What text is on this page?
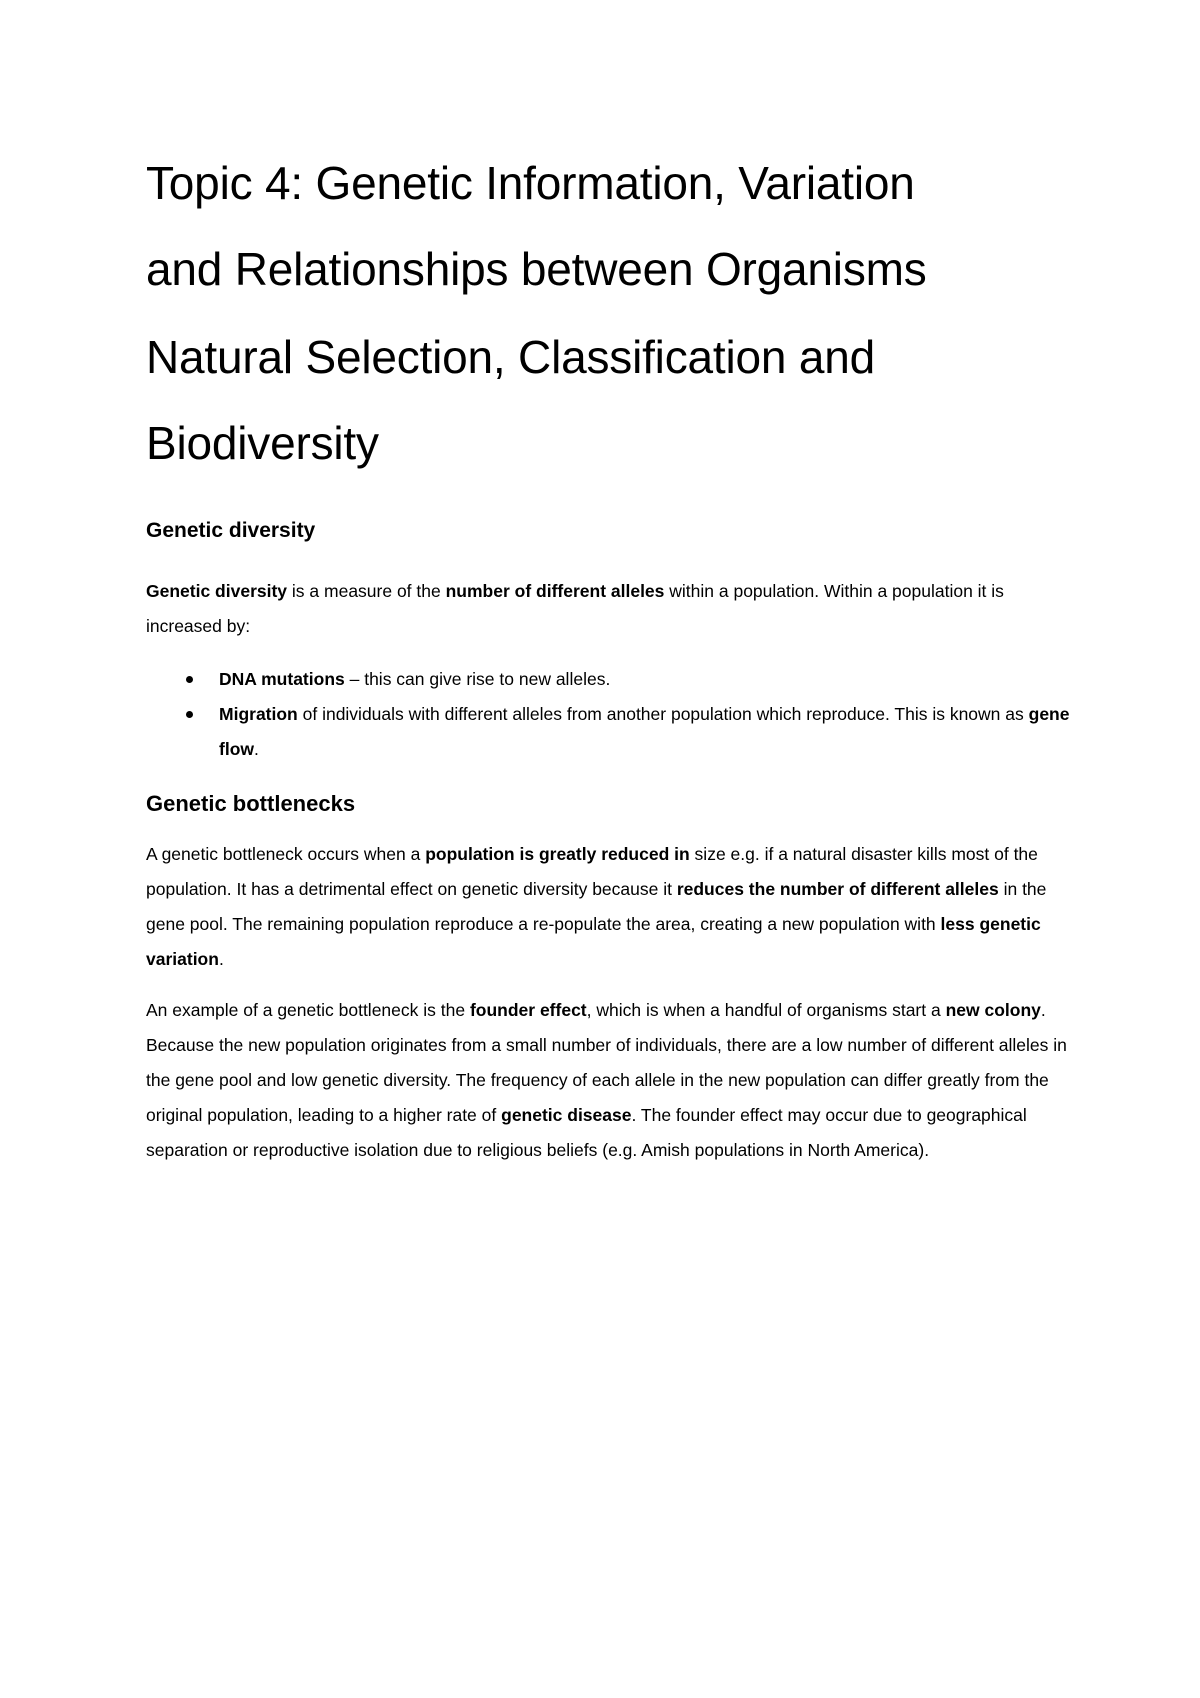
Topic 4: Genetic Information, Variation
and Relationships between Organisms
Natural Selection, Classification and
Biodiversity
Genetic diversity

Genetic diversity is a measure of the number of different alleles within a population. Within a population it is increased by:

DNA mutations – this can give rise to new alleles.
Migration of individuals with different alleles from another population which reproduce. This is known as gene flow.
Genetic bottlenecks

A genetic bottleneck occurs when a population is greatly reduced in size e.g. if a natural disaster kills most of the population. It has a detrimental effect on genetic diversity because it reduces the number of different alleles in the gene pool. The remaining population reproduce a re-populate the area, creating a new population with less genetic variation.

An example of a genetic bottleneck is the founder effect, which is when a handful of organisms start a new colony. Because the new population originates from a small number of individuals, there are a low number of different alleles in the gene pool and low genetic diversity. The frequency of each allele in the new population can differ greatly from the original population, leading to a higher rate of genetic disease. The founder effect may occur due to geographical separation or reproductive isolation due to religious beliefs (e.g. Amish populations in North America).
